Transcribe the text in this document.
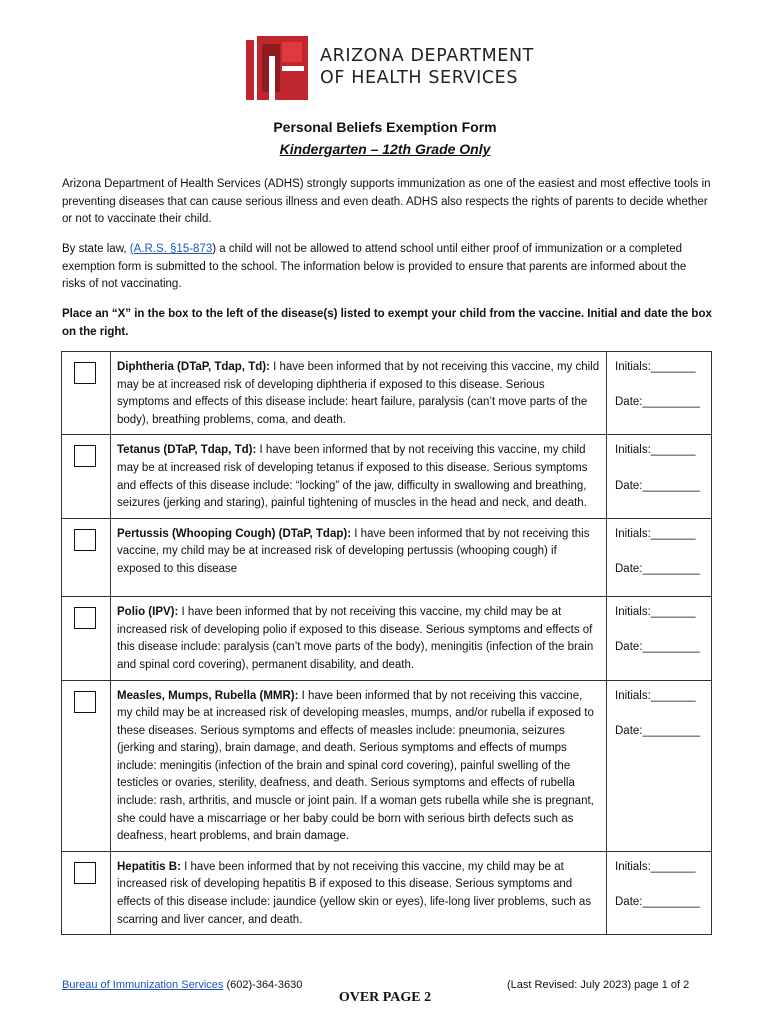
ARIZONA DEPARTMENT
OF HEALTH SERVICES
Personal Beliefs Exemption Form
Kindergarten – 12th Grade Only
Arizona Department of Health Services (ADHS) strongly supports immunization as one of the easiest and most effective tools in preventing diseases that can cause serious illness and even death. ADHS also respects the rights of parents to decide whether or not to vaccinate their child.
By state law, (A.R.S. §15-873) a child will not be allowed to attend school until either proof of immunization or a completed exemption form is submitted to the school. The information below is provided to ensure that parents are informed about the risks of not vaccinating.
Place an “X” in the box to the left of the disease(s) listed to exempt your child from the vaccine. Initial and date the box on the right.
	Diphtheria (DTaP, Tdap, Td): I have been informed that by not receiving this vaccine, my child may be at increased risk of developing diphtheria if exposed to this disease. Serious symptoms and effects of this disease include: heart failure, paralysis (can’t move parts of the body), breathing problems, coma, and death.	Initials:_______
Date:_________

	Tetanus (DTaP, Tdap, Td): I have been informed that by not receiving this vaccine, my child may be at increased risk of developing tetanus if exposed to this disease. Serious symptoms and effects of this disease include: “locking” of the jaw, difficulty in swallowing and breathing, seizures (jerking and staring), painful tightening of muscles in the head and neck, and death.	Initials:_______
Date:_________

	Pertussis (Whooping Cough) (DTaP, Tdap): I have been informed that by not receiving this vaccine, my child may be at increased risk of developing pertussis (whooping cough) if exposed to this disease	Initials:_______
Date:_________

	Polio (IPV): I have been informed that by not receiving this vaccine, my child may be at increased risk of developing polio if exposed to this disease. Serious symptoms and effects of this disease include: paralysis (can’t move parts of the body), meningitis (infection of the brain and spinal cord covering), permanent disability, and death.	Initials:_______
Date:_________

	Measles, Mumps, Rubella (MMR): I have been informed that by not receiving this vaccine, my child may be at increased risk of developing measles, mumps, and/or rubella if exposed to these diseases. Serious symptoms and effects of measles include: pneumonia, seizures (jerking and staring), brain damage, and death. Serious symptoms and effects of mumps include: meningitis (infection of the brain and spinal cord covering), painful swelling of the testicles or ovaries, sterility, deafness, and death. Serious symptoms and effects of rubella include: rash, arthritis, and muscle or joint pain. If a woman gets rubella while she is pregnant, she could have a miscarriage or her baby could be born with serious birth defects such as deafness, heart problems, and brain damage.	Initials:_______
Date:_________

	Hepatitis B: I have been informed that by not receiving this vaccine, my child may be at increased risk of developing hepatitis B if exposed to this disease. Serious symptoms and effects of this disease include: jaundice (yellow skin or eyes), life-long liver problems, such as scarring and liver cancer, and death.	Initials:_______
Date:_________
Bureau of Immunization Services (602)-364-3630	(Last Revised: July 2023) page 1 of 2
OVER PAGE 2
